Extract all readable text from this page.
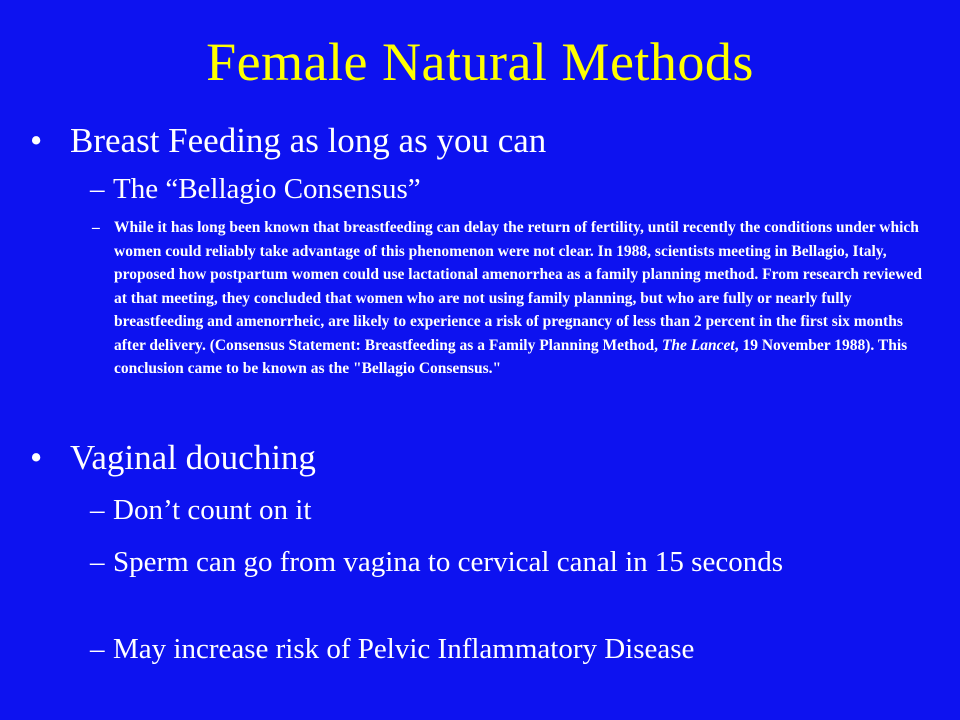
Female Natural Methods
• Breast Feeding as long as you can
– The “Bellagio Consensus”
– While it has long been known that breastfeeding can delay the return of fertility, until recently the conditions under which women could reliably take advantage of this phenomenon were not clear. In 1988, scientists meeting in Bellagio, Italy, proposed how postpartum women could use lactational amenorrhea as a family planning method. From research reviewed at that meeting, they concluded that women who are not using family planning, but who are fully or nearly fully breastfeeding and amenorrheic, are likely to experience a risk of pregnancy of less than 2 percent in the first six months after delivery. (Consensus Statement: Breastfeeding as a Family Planning Method, The Lancet, 19 November 1988). This conclusion came to be known as the "Bellagio Consensus."
• Vaginal douching
– Don’t count on it
– Sperm can go from vagina to cervical canal in 15 seconds
– May increase risk of Pelvic Inflammatory Disease
